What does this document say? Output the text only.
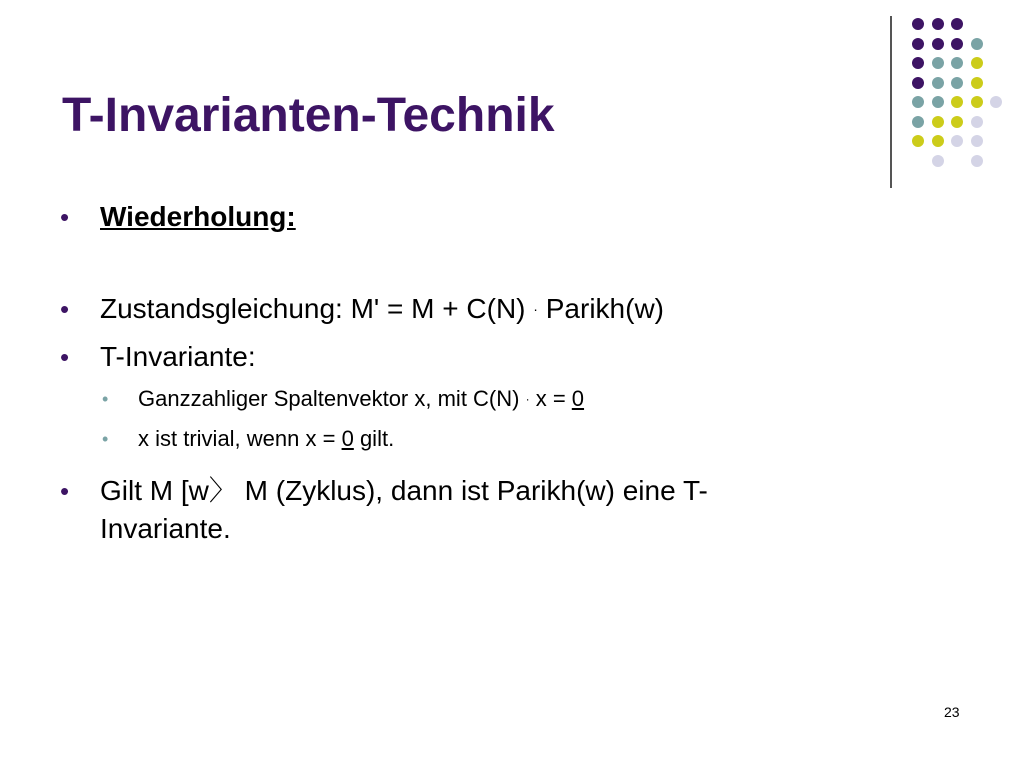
T-Invarianten-Technik
•	Wiederholung:
•	Zustandsgleichung: M' = M + C(N) · Parikh(w)
•	T-Invariante:
• Ganzzahliger Spaltenvektor x, mit C(N) · x = 0
• x ist trivial, wenn x = 0 gilt.
•	Gilt M [w〉 M (Zyklus), dann ist Parikh(w) eine T-
Invariante.
23
